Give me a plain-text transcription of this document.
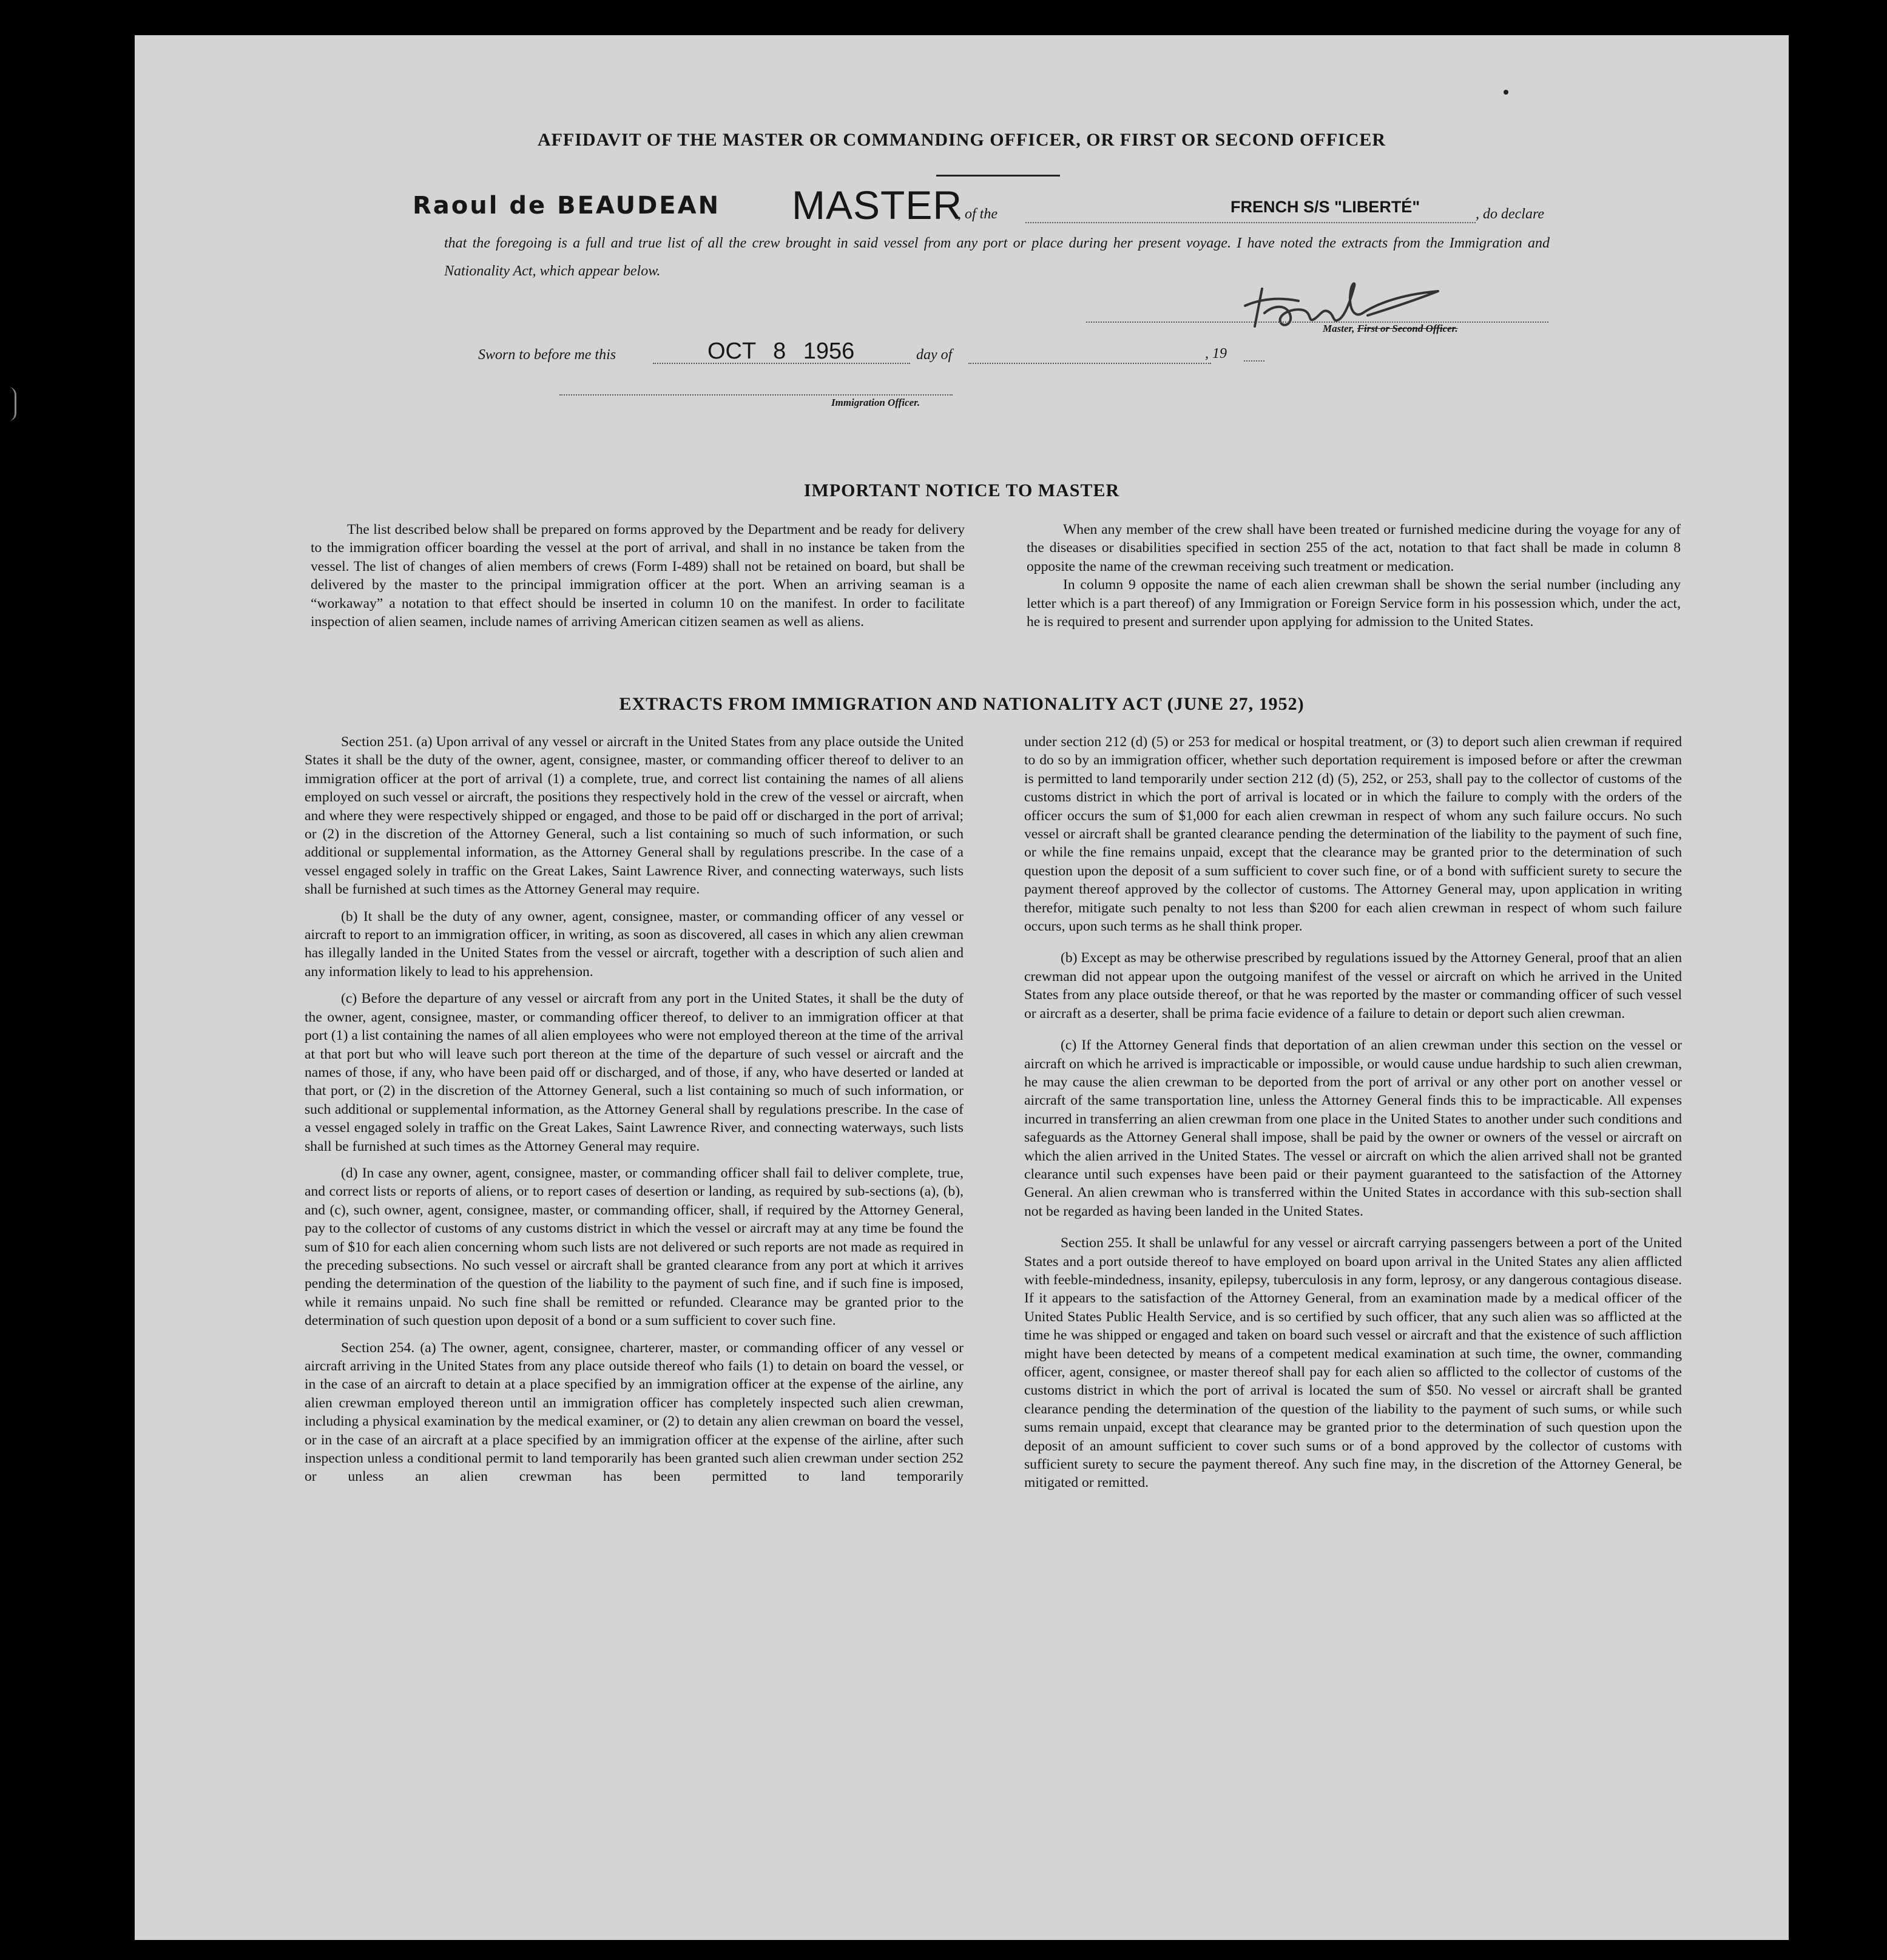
AFFIDAVIT OF THE MASTER OR COMMANDING OFFICER, OR FIRST OR SECOND OFFICER
Raoul de BEAUDEAN MASTER
, of the	FRENCH S/S "LIBERTÉ"	, do declare
that the foregoing is a full and true list of all the crew brought in said vessel from any port or place during her present voyage. I have noted the extracts from the Immigration and Nationality Act, which appear below.
Master, First or Second Officer.
Sworn to before me this	OCT 8 1956	day of	, 19
Immigration Officer.
IMPORTANT NOTICE TO MASTER

The list described below shall be prepared on forms approved by the Department and be ready for delivery to the immigration officer boarding the vessel at the port of arrival, and shall in no instance be taken from the vessel. The list of changes of alien members of crews (Form I-489) shall not be retained on board, but shall be delivered by the master to the principal immigration officer at the port. When an arriving seaman is a “workaway” a notation to that effect should be inserted in column 10 on the manifest. In order to facilitate inspection of alien seamen, include names of arriving American citizen seamen as well as aliens.

When any member of the crew shall have been treated or furnished medicine during the voyage for any of the diseases or disabilities specified in section 255 of the act, notation to that fact shall be made in column 8 opposite the name of the crewman receiving such treatment or medication.

In column 9 opposite the name of each alien crewman shall be shown the serial number (including any letter which is a part thereof) of any Immigration or Foreign Service form in his possession which, under the act, he is required to present and surrender upon applying for admission to the United States.

EXTRACTS FROM IMMIGRATION AND NATIONALITY ACT (JUNE 27, 1952)

Section 251. (a) Upon arrival of any vessel or aircraft in the United States from any place outside the United States it shall be the duty of the owner, agent, consignee, master, or commanding officer thereof to deliver to an immigration officer at the port of arrival (1) a complete, true, and correct list containing the names of all aliens employed on such vessel or aircraft, the positions they respectively hold in the crew of the vessel or aircraft, when and where they were respectively shipped or engaged, and those to be paid off or discharged in the port of arrival; or (2) in the discretion of the Attorney General, such a list containing so much of such information, or such additional or supplemental information, as the Attorney General shall by regulations prescribe. In the case of a vessel engaged solely in traffic on the Great Lakes, Saint Lawrence River, and connecting waterways, such lists shall be furnished at such times as the Attorney General may require.

(b) It shall be the duty of any owner, agent, consignee, master, or commanding officer of any vessel or aircraft to report to an immigration officer, in writing, as soon as discovered, all cases in which any alien crewman has illegally landed in the United States from the vessel or aircraft, together with a description of such alien and any information likely to lead to his apprehension.

(c) Before the departure of any vessel or aircraft from any port in the United States, it shall be the duty of the owner, agent, consignee, master, or commanding officer thereof, to deliver to an immigration officer at that port (1) a list containing the names of all alien employees who were not employed thereon at the time of the arrival at that port but who will leave such port thereon at the time of the departure of such vessel or aircraft and the names of those, if any, who have been paid off or discharged, and of those, if any, who have deserted or landed at that port, or (2) in the discretion of the Attorney General, such a list containing so much of such information, or such additional or supplemental information, as the Attorney General shall by regulations prescribe. In the case of a vessel engaged solely in traffic on the Great Lakes, Saint Lawrence River, and connecting waterways, such lists shall be furnished at such times as the Attorney General may require.

(d) In case any owner, agent, consignee, master, or commanding officer shall fail to deliver complete, true, and correct lists or reports of aliens, or to report cases of desertion or landing, as required by sub-sections (a), (b), and (c), such owner, agent, consignee, master, or commanding officer, shall, if required by the Attorney General, pay to the collector of customs of any customs district in which the vessel or aircraft may at any time be found the sum of $10 for each alien concerning whom such lists are not delivered or such reports are not made as required in the preceding subsections. No such vessel or aircraft shall be granted clearance from any port at which it arrives pending the determination of the question of the liability to the payment of such fine, and if such fine is imposed, while it remains unpaid. No such fine shall be remitted or refunded. Clearance may be granted prior to the determination of such question upon deposit of a bond or a sum sufficient to cover such fine.

Section 254. (a) The owner, agent, consignee, charterer, master, or commanding officer of any vessel or aircraft arriving in the United States from any place outside thereof who fails (1) to detain on board the vessel, or in the case of an aircraft to detain at a place specified by an immigration officer at the expense of the airline, any alien crewman employed thereon until an immigration officer has completely inspected such alien crewman, including a physical examination by the medical examiner, or (2) to detain any alien crewman on board the vessel, or in the case of an aircraft at a place specified by an immigration officer at the expense of the airline, after such inspection unless a conditional permit to land temporarily has been granted such alien crewman under section 252 or unless an alien crewman has been permitted to land temporarily

under section 212 (d) (5) or 253 for medical or hospital treatment, or (3) to deport such alien crewman if required to do so by an immigration officer, whether such deportation requirement is imposed before or after the crewman is permitted to land temporarily under section 212 (d) (5), 252, or 253, shall pay to the collector of customs of the customs district in which the port of arrival is located or in which the failure to comply with the orders of the officer occurs the sum of $1,000 for each alien crewman in respect of whom any such failure occurs. No such vessel or aircraft shall be granted clearance pending the determination of the liability to the payment of such fine, or while the fine remains unpaid, except that the clearance may be granted prior to the determination of such question upon the deposit of a sum sufficient to cover such fine, or of a bond with sufficient surety to secure the payment thereof approved by the collector of customs. The Attorney General may, upon application in writing therefor, mitigate such penalty to not less than $200 for each alien crewman in respect of whom such failure occurs, upon such terms as he shall think proper.

(b) Except as may be otherwise prescribed by regulations issued by the Attorney General, proof that an alien crewman did not appear upon the outgoing manifest of the vessel or aircraft on which he arrived in the United States from any place outside thereof, or that he was reported by the master or commanding officer of such vessel or aircraft as a deserter, shall be prima facie evidence of a failure to detain or deport such alien crewman.

(c) If the Attorney General finds that deportation of an alien crewman under this section on the vessel or aircraft on which he arrived is impracticable or impossible, or would cause undue hardship to such alien crewman, he may cause the alien crewman to be deported from the port of arrival or any other port on another vessel or aircraft of the same transportation line, unless the Attorney General finds this to be impracticable. All expenses incurred in transferring an alien crewman from one place in the United States to another under such conditions and safeguards as the Attorney General shall impose, shall be paid by the owner or owners of the vessel or aircraft on which the alien arrived in the United States. The vessel or aircraft on which the alien arrived shall not be granted clearance until such expenses have been paid or their payment guaranteed to the satisfaction of the Attorney General. An alien crewman who is transferred within the United States in accordance with this sub-section shall not be regarded as having been landed in the United States.

Section 255. It shall be unlawful for any vessel or aircraft carrying passengers between a port of the United States and a port outside thereof to have employed on board upon arrival in the United States any alien afflicted with feeble-mindedness, insanity, epilepsy, tuberculosis in any form, leprosy, or any dangerous contagious disease. If it appears to the satisfaction of the Attorney General, from an examination made by a medical officer of the United States Public Health Service, and is so certified by such officer, that any such alien was so afflicted at the time he was shipped or engaged and taken on board such vessel or aircraft and that the existence of such affliction might have been detected by means of a competent medical examination at such time, the owner, commanding officer, agent, consignee, or master thereof shall pay for each alien so afflicted to the collector of customs of the customs district in which the port of arrival is located the sum of $50. No vessel or aircraft shall be granted clearance pending the determination of the question of the liability to the payment of such sums, or while such sums remain unpaid, except that clearance may be granted prior to the determination of such question upon the deposit of an amount sufficient to cover such sums or of a bond approved by the collector of customs with sufficient surety to secure the payment thereof. Any such fine may, in the discretion of the Attorney General, be mitigated or remitted.
